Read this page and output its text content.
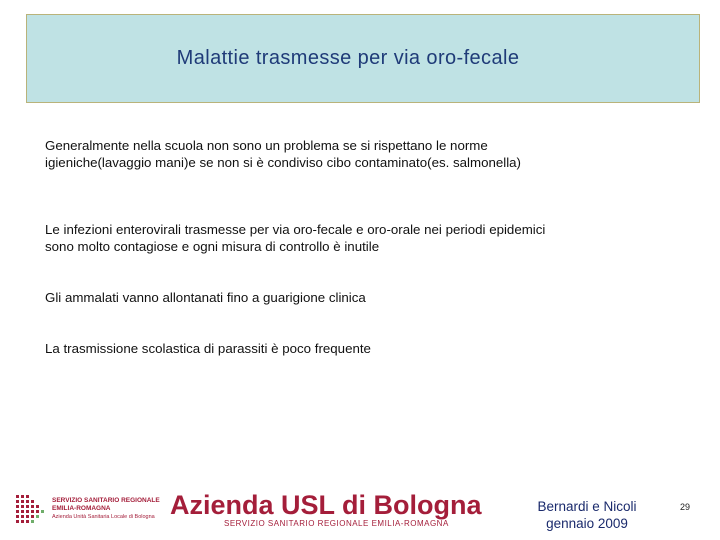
Malattie trasmesse per via oro-fecale

Generalmente nella scuola non sono un problema se si rispettano le norme igieniche(lavaggio mani)e se non si è condiviso cibo contaminato(es. salmonella)

Le infezioni enterovirali trasmesse per via oro-fecale e oro-orale nei periodi epidemici sono molto contagiose e ogni misura di controllo è inutile

Gli ammalati vanno allontanati fino a guarigione clinica

La trasmissione scolastica di parassiti è poco frequente

SERVIZIO SANITARIO REGIONALE
EMILIA-ROMAGNA
Azienda Unità Sanitaria Locale di Bologna Azienda USL di Bologna
SERVIZIO SANITARIO REGIONALE EMILIA-ROMAGNA
Bernardi e Nicoli
gennaio 2009
29
